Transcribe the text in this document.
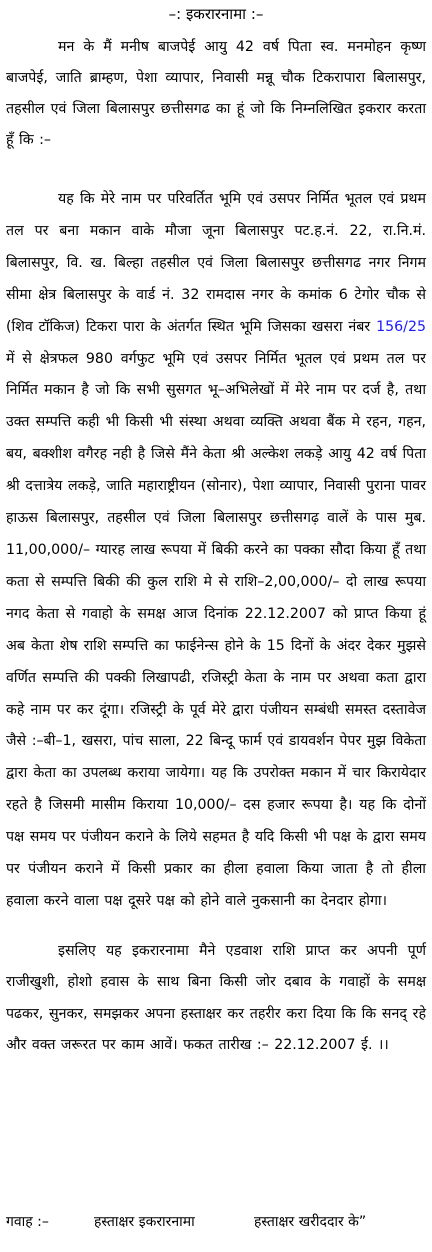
–: इकरारनामा :–

मन के मैं मनीष बाजपेई आयु 42 वर्ष पिता स्व. मनमोहन कृष्ण बाजपेई, जाति ब्राम्हण, पेशा व्यापार, निवासी मन्नू चौक टिकरापारा बिलासपुर, तहसील एवं जिला बिलासपुर छत्तीसगढ का हूं जो कि निम्नलिखित इकरार करता हूँ कि :–

यह कि मेरे नाम पर परिवर्तित भूमि एवं उसपर निर्मित भूतल एवं प्रथम तल पर बना मकान वाके मौजा जूना बिलासपुर पट.ह.नं. 22, रा.नि.मं. बिलासपुर, वि. ख. बिल्हा तहसील एवं जिला बिलासपुर छत्तीसगढ नगर निगम सीमा क्षेत्र बिलासपुर के वार्ड नं. 32 रामदास नगर के कमांक 6 टेगोर चौक से (शिव टॉकिज) टिकरा पारा के अंतर्गत स्थित भूमि जिसका खसरा नंबर 156/25 में से क्षेत्रफल 980 वर्गफुट भूमि एवं उसपर निर्मित भूतल एवं प्रथम तल पर निर्मित मकान है जो कि सभी सुसगत भू–अभिलेखों में मेरे नाम पर दर्ज है, तथा उक्त सम्पत्ति कही भी किसी भी संस्था अथवा व्यक्ति अथवा बैंक मे रहन, गहन, बय, बक्शीश वगैरह नही है जिसे मैंने केता श्री अल्केश लकड़े आयु 42 वर्ष पिता श्री दत्तात्रेय लकड़े, जाति महाराष्ट्रीयन (सोनार), पेशा व्यापार, निवासी पुराना पावर हाऊस बिलासपुर, तहसील एवं जिला बिलासपुर छत्तीसगढ़ वालें के पास मुब. 11,00,000/– ग्यारह लाख रूपया में बिकी करने का पक्का सौदा किया हूँ तथा कता से सम्पत्ति बिकी की कुल राशि मे से राशि–2,00,000/– दो लाख रूपया नगद केता से गवाहो के समक्ष आज दिनांक 22.12.2007 को प्राप्त किया हूं अब केता शेष राशि सम्पत्ति का फाईनेन्स होने के 15 दिनों के अंदर देकर मुझसे वर्णित सम्पत्ति की पक्की लिखापढी, रजिस्ट्री केता के नाम पर अथवा कता द्वारा कहे नाम पर कर दूंगा। रजिस्ट्री के पूर्व मेरे द्वारा पंजीयन सम्बंधी समस्त दस्तावेज जैसे :–बी–1, खसरा, पांच साला, 22 बिन्दू फार्म एवं डायवर्शन पेपर मुझ विकेता द्वारा केता का उपलब्ध कराया जायेगा। यह कि उपरोक्त मकान में चार किरायेदार रहते है जिसमी मासीम किराया 10,000/– दस हजार रूपया है। यह कि दोनों पक्ष समय पर पंजीयन कराने के लिये सहमत है यदि किसी भी पक्ष के द्वारा समय पर पंजीयन कराने में किसी प्रकार का हीला हवाला किया जाता है तो हीला हवाला करने वाला पक्ष दूसरे पक्ष को होने वाले नुकसानी का देनदार होगा।

इसलिए यह इकरारनामा मैने एडवाश राशि प्राप्त कर अपनी पूर्ण राजीखुशी, होशो हवास के साथ बिना किसी जोर दबाव के गवाहों के समक्ष पढकर, सुनकर, समझकर अपना हस्ताक्षर कर तहरीर करा दिया कि कि सनद् रहे और वक्त जरूरत पर काम आवें। फकत तारीख :– 22.12.2007 ई. ।।

गवाह :–	हस्ताक्षर इकरारनामा	हस्ताक्षर खरीददार के”
